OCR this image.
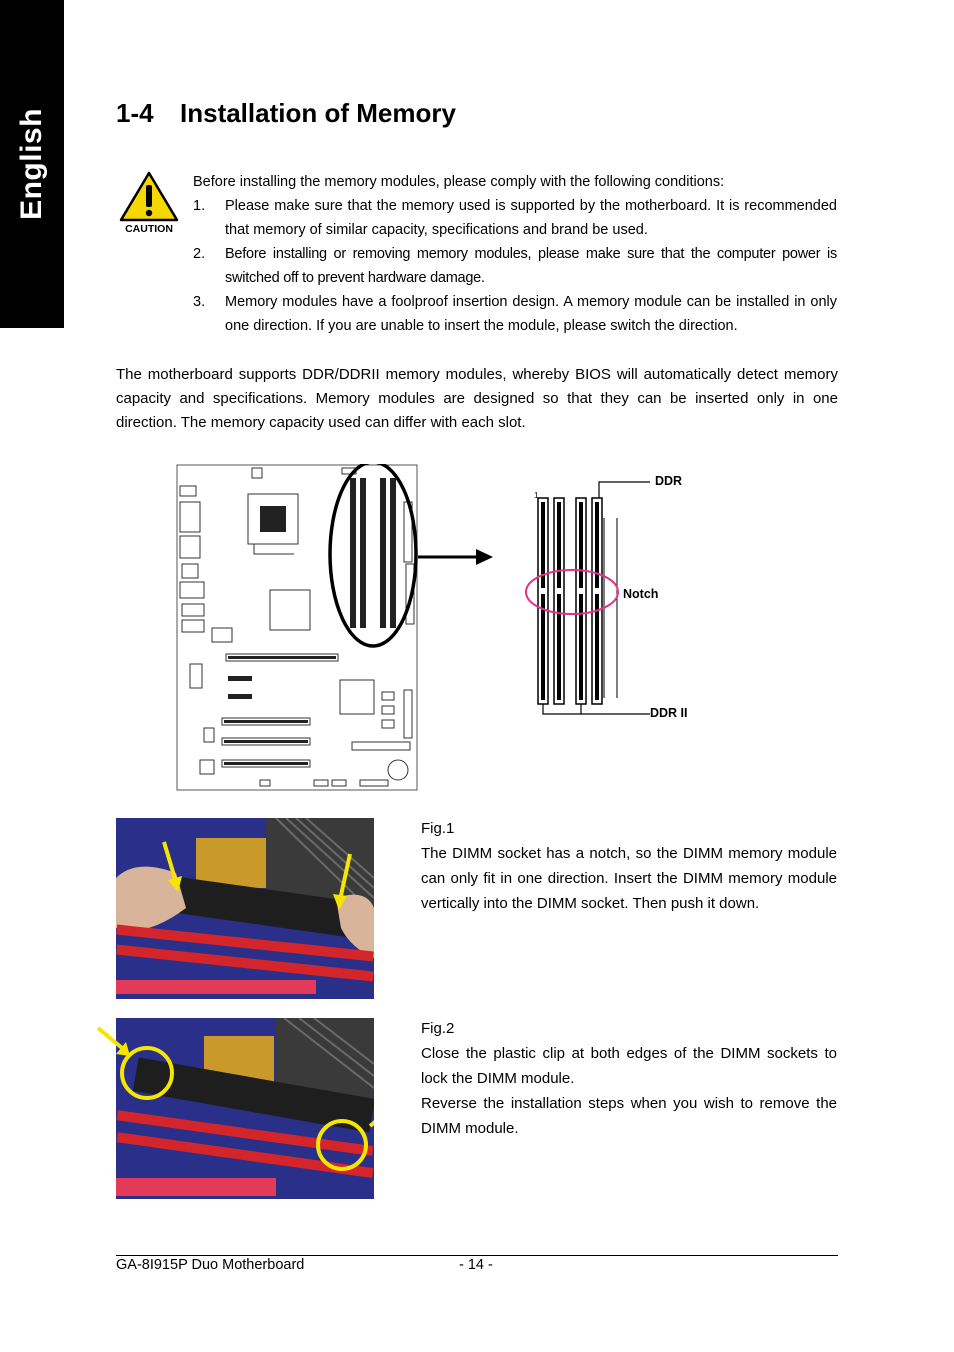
English	1-4 Installation of Memory
CAUTION
Before installing the memory modules, please comply with the following conditions:
1. Please make sure that the memory used is supported by the motherboard. It is recommended that memory of similar capacity, specifications and brand be used.
2. Before installing or removing memory modules, please make sure that the computer power is switched off to prevent hardware damage.
3. Memory modules have a foolproof insertion design. A memory module can be installed in only one direction. If you are unable to insert the module, please switch the direction.
The motherboard supports DDR/DDRII memory modules, whereby BIOS will automatically detect memory capacity and specifications. Memory modules are designed so that they can be inserted only in one direction. The memory capacity used can differ with each slot.
1
DDR
Notch
DDR II

Fig.1

The DIMM socket has a notch, so the DIMM memory module can only fit in one direction. Insert the DIMM memory module vertically into the DIMM socket. Then push it down.

Fig.2

Close the plastic clip at both edges of the DIMM sockets to lock the DIMM module.

Reverse the installation steps when you wish to remove the DIMM module.

GA-8I915P Duo Motherboard	- 14 -
